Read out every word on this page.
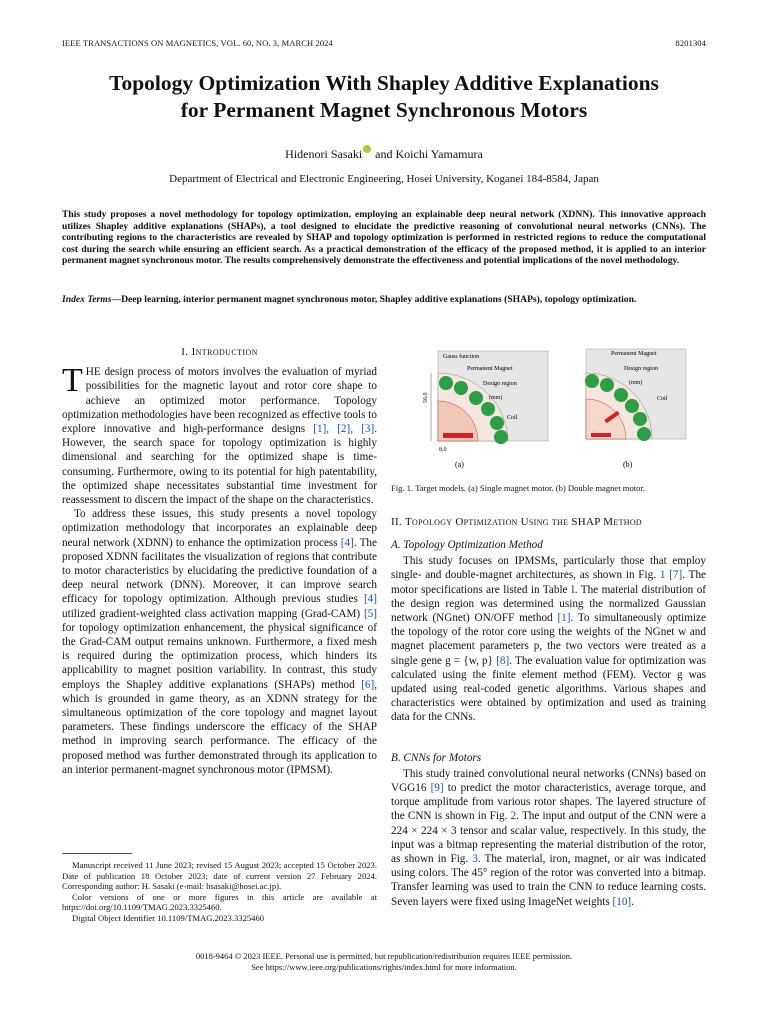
IEEE TRANSACTIONS ON MAGNETICS, VOL. 60, NO. 3, MARCH 2024	8201304
Topology Optimization With Shapley Additive Explanations
for Permanent Magnet Synchronous Motors
Hidenori Sasaki and Koichi Yamamura
Department of Electrical and Electronic Engineering, Hosei University, Koganei 184-8584, Japan
This study proposes a novel methodology for topology optimization, employing an explainable deep neural network (XDNN). This innovative approach utilizes Shapley additive explanations (SHAPs), a tool designed to elucidate the predictive reasoning of convolutional neural networks (CNNs). The contributing regions to the characteristics are revealed by SHAP and topology optimization is performed in restricted regions to reduce the computational cost during the search while ensuring an efficient search. As a practical demonstration of the efficacy of the proposed method, it is applied to an interior permanent magnet synchronous motor. The results comprehensively demonstrate the effectiveness and potential implications of the novel methodology.
Index Terms—Deep learning, interior permanent magnet synchronous motor, Shapley additive explanations (SHAPs), topology optimization.
I. Introduction

THE design process of motors involves the evaluation of myriad possibilities for the magnetic layout and rotor core shape to achieve an optimized motor performance. Topology optimization methodologies have been recognized as effective tools to explore innovative and high-performance designs [1], [2], [3]. However, the search space for topology optimization is highly dimensional and searching for the optimized shape is time-consuming. Furthermore, owing to its potential for high patentability, the optimized shape necessitates substantial time investment for reassessment to discern the impact of the shape on the characteristics.

To address these issues, this study presents a novel topology optimization methodology that incorporates an explainable deep neural network (XDNN) to enhance the optimization process [4]. The proposed XDNN facilitates the visualization of regions that contribute to motor characteristics by elucidating the predictive foundation of a deep neural network (DNN). Moreover, it can improve search efficacy for topology optimization. Although previous studies [4] utilized gradient-weighted class activation mapping (Grad-CAM) [5] for topology optimization enhancement, the physical significance of the Grad-CAM output remains unknown. Furthermore, a fixed mesh is required during the optimization process, which hinders its applicability to magnet position variability. In contrast, this study employs the Shapley additive explanations (SHAPs) method [6], which is grounded in game theory, as an XDNN strategy for the simultaneous optimization of the core topology and magnet layout parameters. These findings underscore the efficacy of the SHAP method in improving search performance. The efficacy of the proposed method was further demonstrated through its application to an interior permanent-magnet synchronous motor (IPMSM).

Manuscript received 11 June 2023; revised 15 August 2023; accepted 15 October 2023. Date of publication 18 October 2023; date of current version 27 February 2024. Corresponding author: H. Sasaki (e-mail: hsasaki@hosei.ac.jp).
Color versions of one or more figures in this article are available at https://doi.org/10.1109/TMAG.2023.3325460.
Digital Object Identifier 10.1109/TMAG.2023.3325460
56.0
8.0
Gauss function
Permanent Magnet
Design region
(mm)
Coil
(a)
Permanent Magnet
Design region
(mm)
Coil
(b)
Fig. 1. Target models. (a) Single magnet motor. (b) Double magnet motor.
II. Topology Optimization Using the SHAP Method
A. Topology Optimization Method

This study focuses on IPMSMs, particularly those that employ single- and double-magnet architectures, as shown in Fig. 1 [7]. The motor specifications are listed in Table I. The material distribution of the design region was determined using the normalized Gaussian network (NGnet) ON/OFF method [1]. To simultaneously optimize the topology of the rotor core using the weights of the NGnet w and magnet placement parameters p, the two vectors were treated as a single gene g = {w, p} [8]. The evaluation value for optimization was calculated using the finite element method (FEM). Vector g was updated using real-coded genetic algorithms. Various shapes and characteristics were obtained by optimization and used as training data for the CNNs.

B. CNNs for Motors

This study trained convolutional neural networks (CNNs) based on VGG16 [9] to predict the motor characteristics, average torque, and torque amplitude from various rotor shapes. The layered structure of the CNN is shown in Fig. 2. The input and output of the CNN were a 224 × 224 × 3 tensor and scalar value, respectively. In this study, the input was a bitmap representing the material distribution of the rotor, as shown in Fig. 3. The material, iron, magnet, or air was indicated using colors. The 45° region of the rotor was converted into a bitmap. Transfer learning was used to train the CNN to reduce learning costs. Seven layers were fixed using ImageNet weights [10].

0018-9464 © 2023 IEEE. Personal use is permitted, but republication/redistribution requires IEEE permission.
See https://www.ieee.org/publications/rights/index.html for more information.
